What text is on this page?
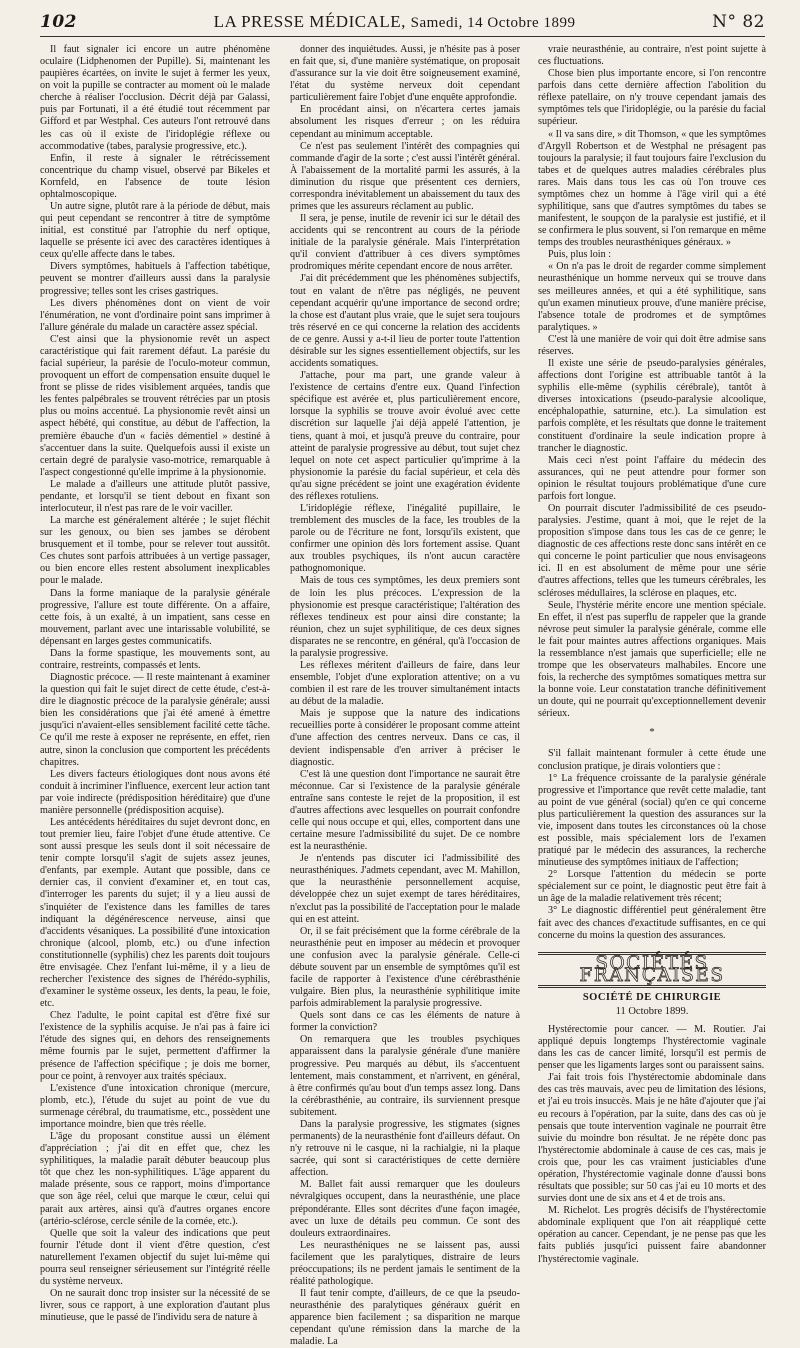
102	LA PRESSE MÉDICALE, Samedi, 14 Octobre 1899	N° 82

Il faut signaler ici encore un autre phénomène oculaire (Lidphenomen der Pupille). Si, maintenant les paupières écartées, on invite le sujet à fermer les yeux, on voit la pupille se contracter au moment où le malade cherche à réaliser l'occlusion. Décrit déjà par Galassi, puis par Fortunati, il a été étudié tout récemment par Gifford et par Westphal. Ces auteurs l'ont retrouvé dans les cas où il existe de l'iridoplégie réflexe ou accommodative (tabes, paralysie progressive, etc.).

Enfin, il reste à signaler le rétrécissement concentrique du champ visuel, observé par Bikeles et Kornfeld, en l'absence de toute lésion ophtalmoscopique.

Un autre signe, plutôt rare à la période de début, mais qui peut cependant se rencontrer à titre de symptôme initial, est constitué par l'atrophie du nerf optique, laquelle se présente ici avec des caractères identiques à ceux qu'elle affecte dans le tabes.

Divers symptômes, habituels à l'affection tabétique, peuvent se montrer d'ailleurs aussi dans la paralysie progressive; telles sont les crises gastriques.

Les divers phénomènes dont on vient de voir l'énumération, ne vont d'ordinaire point sans imprimer à l'allure générale du malade un caractère assez spécial.

C'est ainsi que la physionomie revêt un aspect caractéristique qui fait rarement défaut. La parésie du facial supérieur, la parésie de l'oculo-moteur commun, provoquent un effort de compensation ensuite duquel le front se plisse de rides visiblement arquées, tandis que les fentes palpébrales se trouvent rétrécies par un ptosis plus ou moins accentué. La physionomie revêt ainsi un aspect hébété, qui constitue, au début de l'affection, la première ébauche d'un « faciès démentiel » destiné à s'accentuer dans la suite. Quelquefois aussi il existe un certain degré de paralysie vaso-motrice, remarquable à l'aspect congestionné qu'elle imprime à la physionomie.

Le malade a d'ailleurs une attitude plutôt passive, pendante, et lorsqu'il se tient debout en fixant son interlocuteur, il n'est pas rare de le voir vaciller.

La marche est généralement altérée ; le sujet fléchit sur les genoux, ou bien ses jambes se dérobent brusquement et il tombe, pour se relever tout aussitôt. Ces chutes sont parfois attribuées à un vertige passager, ou bien encore elles restent absolument inexplicables pour le malade.

Dans la forme maniaque de la paralysie générale progressive, l'allure est toute différente. On a affaire, cette fois, à un exalté, à un impatient, sans cesse en mouvement, parlant avec une intarissable volubilité, se dépensant en larges gestes communicatifs.

Dans la forme spastique, les mouvements sont, au contraire, restreints, compassés et lents.

Diagnostic précoce. — Il reste maintenant à examiner la question qui fait le sujet direct de cette étude, c'est-à-dire le diagnostic précoce de la paralysie générale; aussi bien les considérations que j'ai été amené à émettre jusqu'ici n'avaient-elles sensiblement facilité cette tâche. Ce qu'il me reste à exposer ne représente, en effet, rien autre, sinon la conclusion que comportent les précédents chapitres.

Les divers facteurs étiologiques dont nous avons été conduit à incriminer l'influence, exercent leur action tant par voie indirecte (prédisposition héréditaire) que d'une manière personnelle (prédisposition acquise).

Les antécédents héréditaires du sujet devront donc, en tout premier lieu, faire l'objet d'une étude attentive. Ce sont aussi presque les seuls dont il soit nécessaire de tenir compte lorsqu'il s'agit de sujets assez jeunes, d'enfants, par exemple. Autant que possible, dans ce dernier cas, il convient d'examiner et, en tout cas, d'interroger les parents du sujet; il y a lieu aussi de s'inquiéter de l'existence dans les familles de tares indiquant la dégénérescence nerveuse, ainsi que d'accidents vésaniques. La possibilité d'une intoxication chronique (alcool, plomb, etc.) ou d'une infection constitutionnelle (syphilis) chez les parents doit toujours être envisagée. Chez l'enfant lui-même, il y a lieu de rechercher l'existence des signes de l'hérédo-syphilis, d'examiner le système osseux, les dents, la peau, le foie, etc.

Chez l'adulte, le point capital est d'être fixé sur l'existence de la syphilis acquise. Je n'ai pas à faire ici l'étude des signes qui, en dehors des renseignements même fournis par le sujet, permettent d'affirmer la présence de l'affection spécifique ; je dois me borner, pour ce point, à renvoyer aux traités spéciaux.

L'existence d'une intoxication chronique (mercure, plomb, etc.), l'étude du sujet au point de vue du surmenage cérébral, du traumatisme, etc., possèdent une importance moindre, bien que très réelle.

L'âge du proposant constitue aussi un élément d'appréciation ; j'ai dit en effet que, chez les syphilitiques, la maladie paraît débuter beaucoup plus tôt que chez les non-syphilitiques. L'âge apparent du malade présente, sous ce rapport, moins d'importance que son âge réel, celui que marque le cœur, celui qui parait aux artères, ainsi qu'à d'autres organes encore (artério-sclérose, cercle sénile de la cornée, etc.).

Quelle que soit la valeur des indications que peut fournir l'étude dont il vient d'être question, c'est naturellement l'examen objectif du sujet lui-même qui pourra seul renseigner sérieusement sur l'intégrité réelle du système nerveux.

On ne saurait donc trop insister sur la nécessité de se livrer, sous ce rapport, à une exploration d'autant plus minutieuse, que le passé de l'individu sera de nature à

donner des inquiétudes. Aussi, je n'hésite pas à poser en fait que, si, d'une manière systématique, on proposait d'assurance sur la vie doit être soigneusement examiné, l'état du système nerveux doit cependant particulièrement faire l'objet d'une enquête approfondie.

En procédant ainsi, on n'écartera certes jamais absolument les risques d'erreur ; on les réduira cependant au minimum acceptable.

Ce n'est pas seulement l'intérêt des compagnies qui commande d'agir de la sorte ; c'est aussi l'intérêt général. À l'abaissement de la mortalité parmi les assurés, à la diminution du risque que présentent ces derniers, correspondra inévitablement un abaissement du taux des primes que les assureurs réclament au public.

Il sera, je pense, inutile de revenir ici sur le détail des accidents qui se rencontrent au cours de la période initiale de la paralysie générale. Mais l'interprétation qu'il convient d'attribuer à ces divers symptômes prodromiques mérite cependant encore de nous arrêter.

J'ai dit précédemment que les phénomènes subjectifs, tout en valant de n'être pas négligés, ne peuvent cependant acquérir qu'une importance de second ordre; la chose est d'autant plus vraie, que le sujet sera toujours très réservé en ce qui concerne la relation des accidents de ce genre. Aussi y a-t-il lieu de porter toute l'attention désirable sur les signes essentiellement objectifs, sur les accidents somatiques.

J'attache, pour ma part, une grande valeur à l'existence de certains d'entre eux. Quand l'infection spécifique est avérée et, plus particulièrement encore, lorsque la syphilis se trouve avoir évolué avec cette discrétion sur laquelle j'ai déjà appelé l'attention, je tiens, quant à moi, et jusqu'à preuve du contraire, pour atteint de paralysie progressive au début, tout sujet chez lequel on note cet aspect particulier qu'imprime à la physionomie la parésie du facial supérieur, et cela dès qu'au signe précédent se joint une exagération évidente des réflexes rotuliens.

L'iridoplégie réflexe, l'inégalité pupillaire, le tremblement des muscles de la face, les troubles de la parole ou de l'écriture ne font, lorsqu'ils existent, que confirmer une opinion dès lors fortement assise. Quant aux troubles psychiques, ils n'ont aucun caractère pathognomonique.

Mais de tous ces symptômes, les deux premiers sont de loin les plus précoces. L'expression de la physionomie est presque caractéristique; l'altération des réflexes tendineux est pour ainsi dire constante; la réunion, chez un sujet syphilitique, de ces deux signes disparates ne se rencontre, en général, qu'à l'occasion de la paralysie progressive.

Les réflexes méritent d'ailleurs de faire, dans leur ensemble, l'objet d'une exploration attentive; on a vu combien il est rare de les trouver simultanément intacts au début de la maladie.

Mais je suppose que la nature des indications recueillies porte à considérer le proposant comme atteint d'une affection des centres nerveux. Dans ce cas, il devient indispensable d'en arriver à préciser le diagnostic.

C'est là une question dont l'importance ne saurait être méconnue. Car si l'existence de la paralysie générale entraîne sans conteste le rejet de la proposition, il est d'autres affections avec lesquelles on pourrait confondre celle qui nous occupe et qui, elles, comportent dans une certaine mesure l'admissibilité du sujet. De ce nombre est la neurasthénie.

Je n'entends pas discuter ici l'admissibilité des neurasthéniques. J'admets cependant, avec M. Mahillon, que la neurasthénie personnellement acquise, développée chez un sujet exempt de tares héréditaires, n'exclut pas la possibilité de l'acceptation pour le malade qui en est atteint.

Or, il se fait précisément que la forme cérébrale de la neurasthénie peut en imposer au médecin et provoquer une confusion avec la paralysie générale. Celle-ci débute souvent par un ensemble de symptômes qu'il est facile de rapporter à l'existence d'une cérébrasthénie vulgaire. Bien plus, la neurasthénie syphilitique imite parfois admirablement la paralysie progressive.

Quels sont dans ce cas les éléments de nature à former la conviction?

On remarquera que les troubles psychiques apparaissent dans la paralysie générale d'une manière progressive. Peu marqués au début, ils s'accentuent lentement, mais constamment, et n'arrivent, en général, à être confirmés qu'au bout d'un temps assez long. Dans la cérébrasthénie, au contraire, ils surviennent presque subitement.

Dans la paralysie progressive, les stigmates (signes permanents) de la neurasthénie font d'ailleurs défaut. On n'y retrouve ni le casque, ni la rachialgie, ni la plaque sacrée, qui sont si caractéristiques de cette dernière affection.

M. Ballet fait aussi remarquer que les douleurs névralgiques occupent, dans la neurasthénie, une place prépondérante. Elles sont décrites d'une façon imagée, avec un luxe de détails peu commun. Ce sont des douleurs extraordinaires.

Les neurasthéniques ne se laissent pas, aussi facilement que les paralytiques, distraire de leurs préoccupations; ils ne perdent jamais le sentiment de la réalité pathologique.

Il faut tenir compte, d'ailleurs, de ce que la pseudo-neurasthénie des paralytiques généraux guérit en apparence bien facilement ; sa disparition ne marque cependant qu'une rémission dans la marche de la maladie. La

vraie neurasthénie, au contraire, n'est point sujette à ces fluctuations.

Chose bien plus importante encore, si l'on rencontre parfois dans cette dernière affection l'abolition du réflexe patellaire, on n'y trouve cependant jamais des symptômes tels que l'iridoplégie, ou la parésie du facial supérieur.

« Il va sans dire, » dit Thomson, « que les symptômes d'Argyll Robertson et de Westphal ne présagent pas toujours la paralysie; il faut toujours faire l'exclusion du tabes et de quelques autres maladies cérébrales plus rares. Mais dans tous les cas où l'on trouve ces symptômes chez un homme à l'âge viril qui a été syphilitique, sans que d'autres symptômes du tabes se manifestent, le soupçon de la paralysie est justifié, et il se confirmera le plus souvent, si l'on remarque en même temps des troubles neurasthéniques généraux. »

Puis, plus loin :

« On n'a pas le droit de regarder comme simplement neurasthénique un homme nerveux qui se trouve dans ses meilleures années, et qui a été syphilitique, sans qu'un examen minutieux prouve, d'une manière précise, l'absence totale de prodromes et de symptômes paralytiques. »

C'est là une manière de voir qui doit être admise sans réserves.

Il existe une série de pseudo-paralysies générales, affections dont l'origine est attribuable tantôt à la syphilis elle-même (syphilis cérébrale), tantôt à diverses intoxications (pseudo-paralysie alcoolique, encéphalopathie, saturnine, etc.). La simulation est parfois complète, et les résultats que donne le traitement constituent d'ordinaire la seule indication propre à trancher le diagnostic.

Mais ceci n'est point l'affaire du médecin des assurances, qui ne peut attendre pour former son opinion le résultat toujours problématique d'une cure parfois fort longue.

On pourrait discuter l'admissibilité de ces pseudo-paralysies. J'estime, quant à moi, que le rejet de la proposition s'impose dans tous les cas de ce genre; le diagnostic de ces affections reste donc sans intérêt en ce qui concerne le point particulier que nous envisageons ici. Il en est absolument de même pour une série d'autres affections, telles que les tumeurs cérébrales, les scléroses médullaires, la sclérose en plaques, etc.

Seule, l'hystérie mérite encore une mention spéciale. En effet, il n'est pas superflu de rappeler que la grande névrose peut simuler la paralysie générale, comme elle le fait pour maintes autres affections organiques. Mais la ressemblance n'est jamais que superficielle; elle ne trompe que les observateurs malhabiles. Encore une fois, la recherche des symptômes somatiques mettra sur la bonne voie. Leur constatation tranche définitivement un doute, qui ne pourrait qu'exceptionnellement devenir sérieux.

*

S'il fallait maintenant formuler à cette étude une conclusion pratique, je dirais volontiers que :

1° La fréquence croissante de la paralysie générale progressive et l'importance que revêt cette maladie, tant au point de vue général (social) qu'en ce qui concerne plus particulièrement la question des assurances sur la vie, imposent dans toutes les circonstances où la chose est possible, mais spécialement lors de l'examen pratiqué par le médecin des assurances, la recherche minutieuse des symptômes initiaux de l'affection;

2° Lorsque l'attention du médecin se porte spécialement sur ce point, le diagnostic peut être fait à un âge de la maladie relativement très récent;

3° Le diagnostic différentiel peut généralement être fait avec des chances d'exactitude suffisantes, en ce qui concerne du moins la question des assurances.

SOCIÉTÉS FRANÇAISES
SOCIÉTÉ DE CHIRURGIE
11 Octobre 1899.

Hystérectomie pour cancer. — M. Routier. J'ai appliqué depuis longtemps l'hystérectomie vaginale dans les cas de cancer limité, lorsqu'il est permis de penser que les ligaments larges sont ou paraissent sains.

J'ai fait trois fois l'hystérectomie abdominale dans des cas très mauvais, avec peu de limitation des lésions, et j'ai eu trois insuccès. Mais je ne hâte d'ajouter que j'ai eu recours à l'opération, par la suite, dans des cas où je pensais que toute intervention vaginale ne pourrait être suivie du moindre bon résultat. Je ne répète donc pas l'hystérectomie abdominale à cause de ces cas, mais je crois que, pour les cas vraiment justiciables d'une opération, l'hystérectomie vaginale donne d'aussi bons résultats que possible; sur 50 cas j'ai eu 10 morts et des survies dont une de six ans et 4 et de trois ans.

M. Richelot. Les progrès décisifs de l'hystérectomie abdominale expliquent que l'on ait réappliqué cette opération au cancer. Cependant, je ne pense pas que les faits publiés jusqu'ici puissent faire abandonner l'hystérectomie vaginale.
